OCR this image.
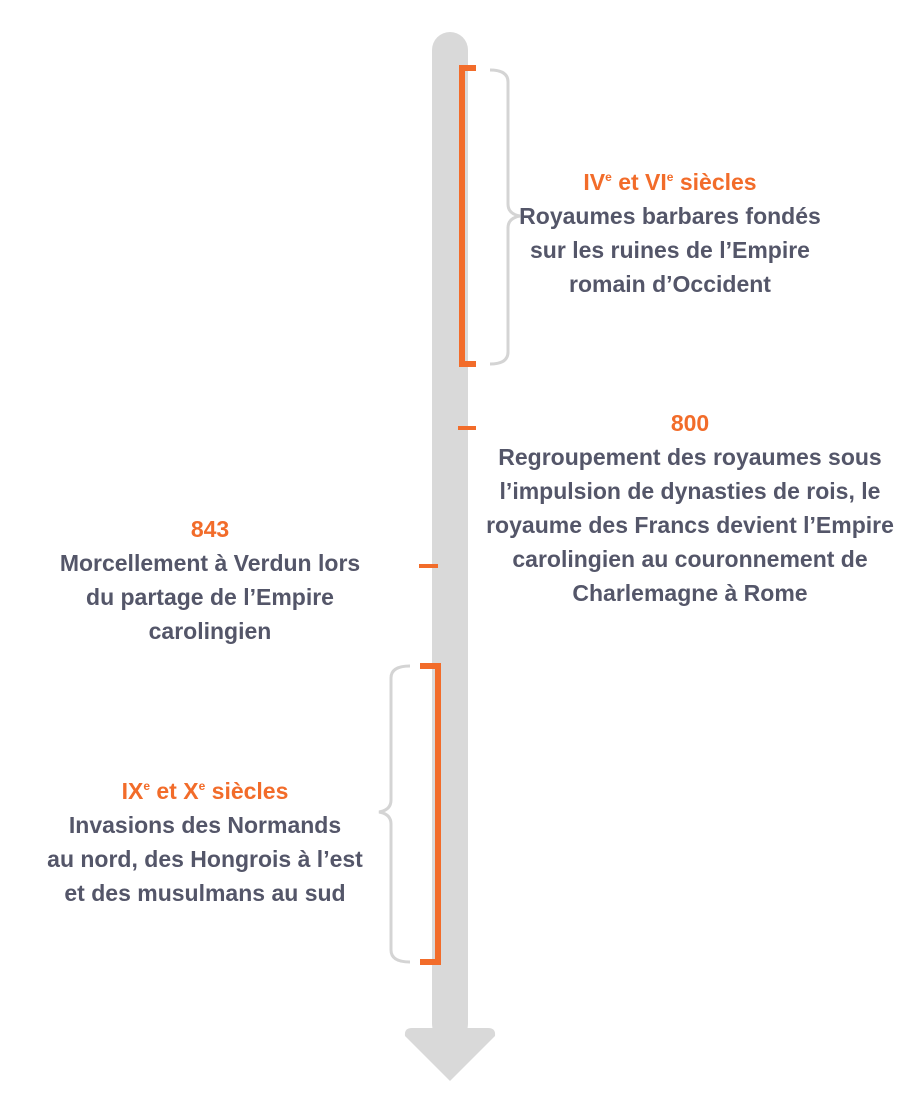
IVe et VIe siècles
Royaumes barbares fondés
sur les ruines de l’Empire
romain d’Occident
800
Regroupement des royaumes sous
l’impulsion de dynasties de rois, le
royaume des Francs devient l’Empire
carolingien au couronnement de
Charlemagne à Rome
843
Morcellement à Verdun lors
du partage de l’Empire
carolingien
IXe et Xe siècles
Invasions des Normands
au nord, des Hongrois à l’est
et des musulmans au sud
